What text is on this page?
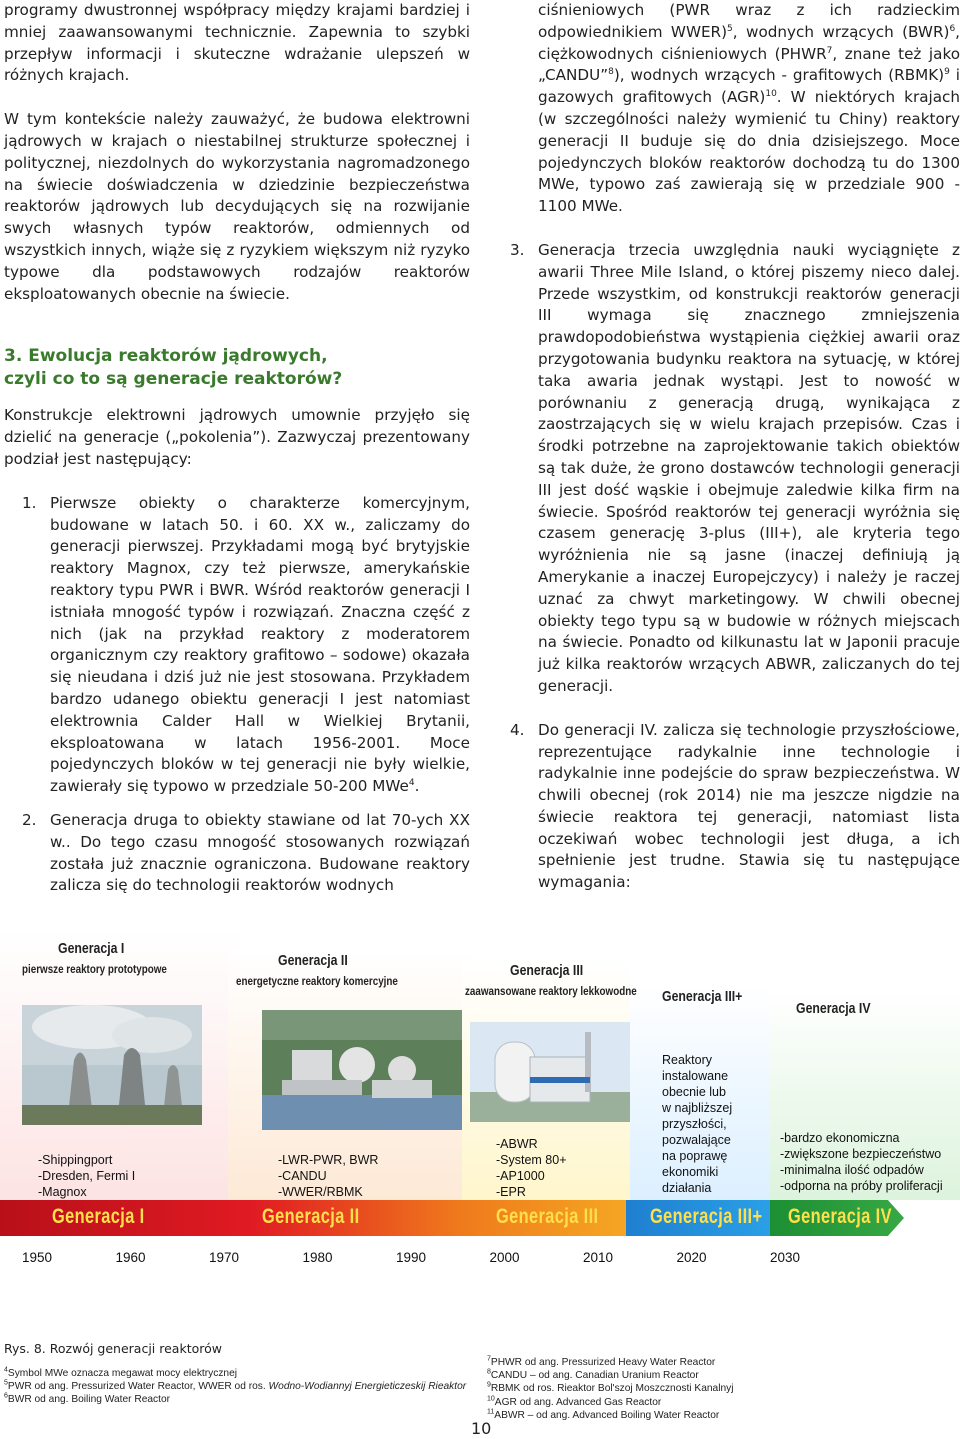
programy dwustronnej współpracy między krajami bardziej i mniej zaawansowanymi technicznie. Zapewnia to szybki przepływ informacji i skuteczne wdrażanie ulepszeń w różnych krajach.

W tym kontekście należy zauważyć, że budowa elektrowni jądrowych w krajach o niestabilnej strukturze społecznej i politycznej, niezdolnych do wykorzystania nagromadzonego na świecie doświadczenia w dziedzinie bezpieczeństwa reaktorów jądrowych lub decydujących się na rozwijanie swych własnych typów reaktorów, odmiennych od wszystkich innych, wiąże się z ryzykiem większym niż ryzyko typowe dla podstawowych rodzajów reaktorów eksploatowanych obecnie na świecie.

3. Ewolucja reaktorów jądrowych,
czyli co to są generacje reaktorów?

Konstrukcje elektrowni jądrowych umownie przyjęło się dzielić na generacje („pokolenia”). Zazwyczaj prezentowany podział jest następujący:

1. Pierwsze obiekty o charakterze komercyjnym, budowane w latach 50. i 60. XX w., zaliczamy do generacji pierwszej. Przykładami mogą być brytyjskie reaktory Magnox, czy też pierwsze, amerykańskie reaktory typu PWR i BWR. Wśród reaktorów generacji I istniała mnogość typów i rozwiązań. Znaczna część z nich (jak na przykład reaktory z moderatorem organicznym czy reaktory grafitowo – sodowe) okazała się nieudana i dziś już nie jest stosowana. Przykładem bardzo udanego obiektu generacji I jest natomiast elektrownia Calder Hall w Wielkiej Brytanii, eksploatowana w latach 1956-2001. Moce pojedynczych bloków w tej generacji nie były wielkie, zawierały się typowo w przedziale 50-200 MWe$^4$.
2. Generacja druga to obiekty stawiane od lat 70-ych XX w.. Do tego czasu mnogość stosowanych rozwiązań została już znacznie ograniczona. Budowane reaktory zalicza się do technologii reaktorów wodnych
ciśnieniowych (PWR wraz z ich radzieckim odpowiednikiem WWER)$^5$, wodnych wrzących (BWR)$^6$, ciężkowodnych ciśnieniowych (PHWR$^7$, znane też jako „CANDU”$^8$), wodnych wrzących - grafitowych (RBMK)$^9$ i gazowych grafitowych (AGR)$^{10}$. W niektórych krajach (w szczególności należy wymienić tu Chiny) reaktory generacji II buduje się do dnia dzisiejszego. Moce pojedynczych bloków reaktorów dochodzą tu do 1300 MWe, typowo zaś zawierają się w przedziale 900 - 1100 MWe.
3. Generacja trzecia uwzględnia nauki wyciągnięte z awarii Three Mile Island, o której piszemy nieco dalej. Przede wszystkim, od konstrukcji reaktorów generacji III wymaga się znacznego zmniejszenia prawdopodobieństwa wystąpienia ciężkiej awarii oraz przygotowania budynku reaktora na sytuację, w której taka awaria jednak wystąpi. Jest to nowość w porównaniu z generacją drugą, wynikająca z zaostrzających się w wielu krajach przepisów. Czas i środki potrzebne na zaprojektowanie takich obiektów są tak duże, że grono dostawców technologii generacji III jest dość wąskie i obejmuje zaledwie kilka firm na świecie. Spośród reaktorów tej generacji wyróżnia się czasem generację 3-plus (III+), ale kryteria tego wyróżnienia nie są jasne (inaczej definiują ją Amerykanie a inaczej Europejczycy) i należy je raczej uznać za chwyt marketingowy. W chwili obecnej obiekty tego typu są w budowie w różnych miejscach na świecie. Ponadto od kilkunastu lat w Japonii pracuje już kilka reaktorów wrzących ABWR, zaliczanych do tej generacji.
4. Do generacji IV. zalicza się technologie przyszłościowe, reprezentujące radykalnie inne technologie i radykalnie inne podejście do spraw bezpieczeństwa. W chwili obecnej (rok 2014) nie ma jeszcze nigdzie na świecie reaktora tej generacji, natomiast lista oczekiwań wobec technologii jest długa, a ich spełnienie jest trudne. Stawia się tu następujące wymagania:
Generacja I
pierwsze reaktory prototypowe	Generacja II
energetyczne reaktory komercyjne
Generacja III
zaawansowane reaktory lekkowodne Generacja III+
Generacja IV
-Shippingport
-Dresden, Fermi I
-Magnox
-LWR-PWR, BWR
-CANDU
-WWER/RBMK
-ABWR
-System 80+
-AP1000
-EPR
Reaktory
instalowane
obecnie lub
w najbliższej
przyszłości,
pozwalające
na poprawę
ekonomiki
działania
-bardzo ekonomiczna
-zwiększone bezpieczeństwo
-minimalna ilość odpadów
-odporna na próby proliferacji
Generacja I	Generacja II	Generacja III Generacja III+ Generacja IV
1950	1960	1970	1980	1990	2000	2010	2020	2030
Rys. 8. Rozwój generacji reaktorów
$^4$Symbol MWe oznacza megawat mocy elektrycznej
$^5$PWR od ang. Pressurized Water Reactor, WWER od ros. Wodno-Wodiannyj Energieticzeskij Rieaktor
$^6$BWR od ang. Boiling Water Reactor
$^7$PHWR od ang. Pressurized Heavy Water Reactor
$^8$CANDU – od ang. Canadian Uranium Reactor
$^9$RBMK od ros. Rieaktor Bol'szoj Moszcznosti Kanalnyj
$^{10}$AGR od ang. Advanced Gas Reactor
$^{11}$ABWR – od ang. Advanced Boiling Water Reactor
10
